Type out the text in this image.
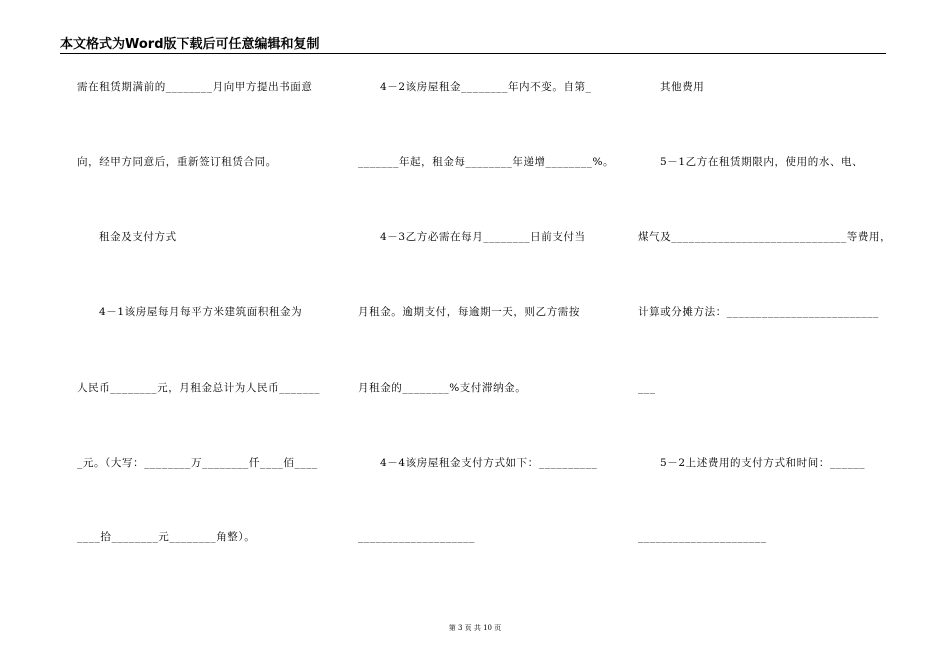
本文格式为Word版下载后可任意编辑和复制
需在租赁期满前的________月向甲方提出书面意
向，经甲方同意后，重新签订租赁合同。
租金及支付方式
4－1该房屋每月每平方米建筑面积租金为
人民币________元，月租金总计为人民币_______
_元。（大写：________万________仟____佰____
____拾________元________角整）。
4－2该房屋租金________年内不变。自第_
_______年起，租金每________年递增________%。
4－3乙方必需在每月________日前支付当
月租金。逾期支付，每逾期一天，则乙方需按
月租金的________%支付滞纳金。
4－4该房屋租金支付方式如下：__________
____________________
其他费用
5－1乙方在租赁期限内，使用的水、电、
煤气及______________________________等费用，
计算或分摊方法：__________________________
___
5－2上述费用的支付方式和时间：______
______________________
第 3 页 共 10 页
